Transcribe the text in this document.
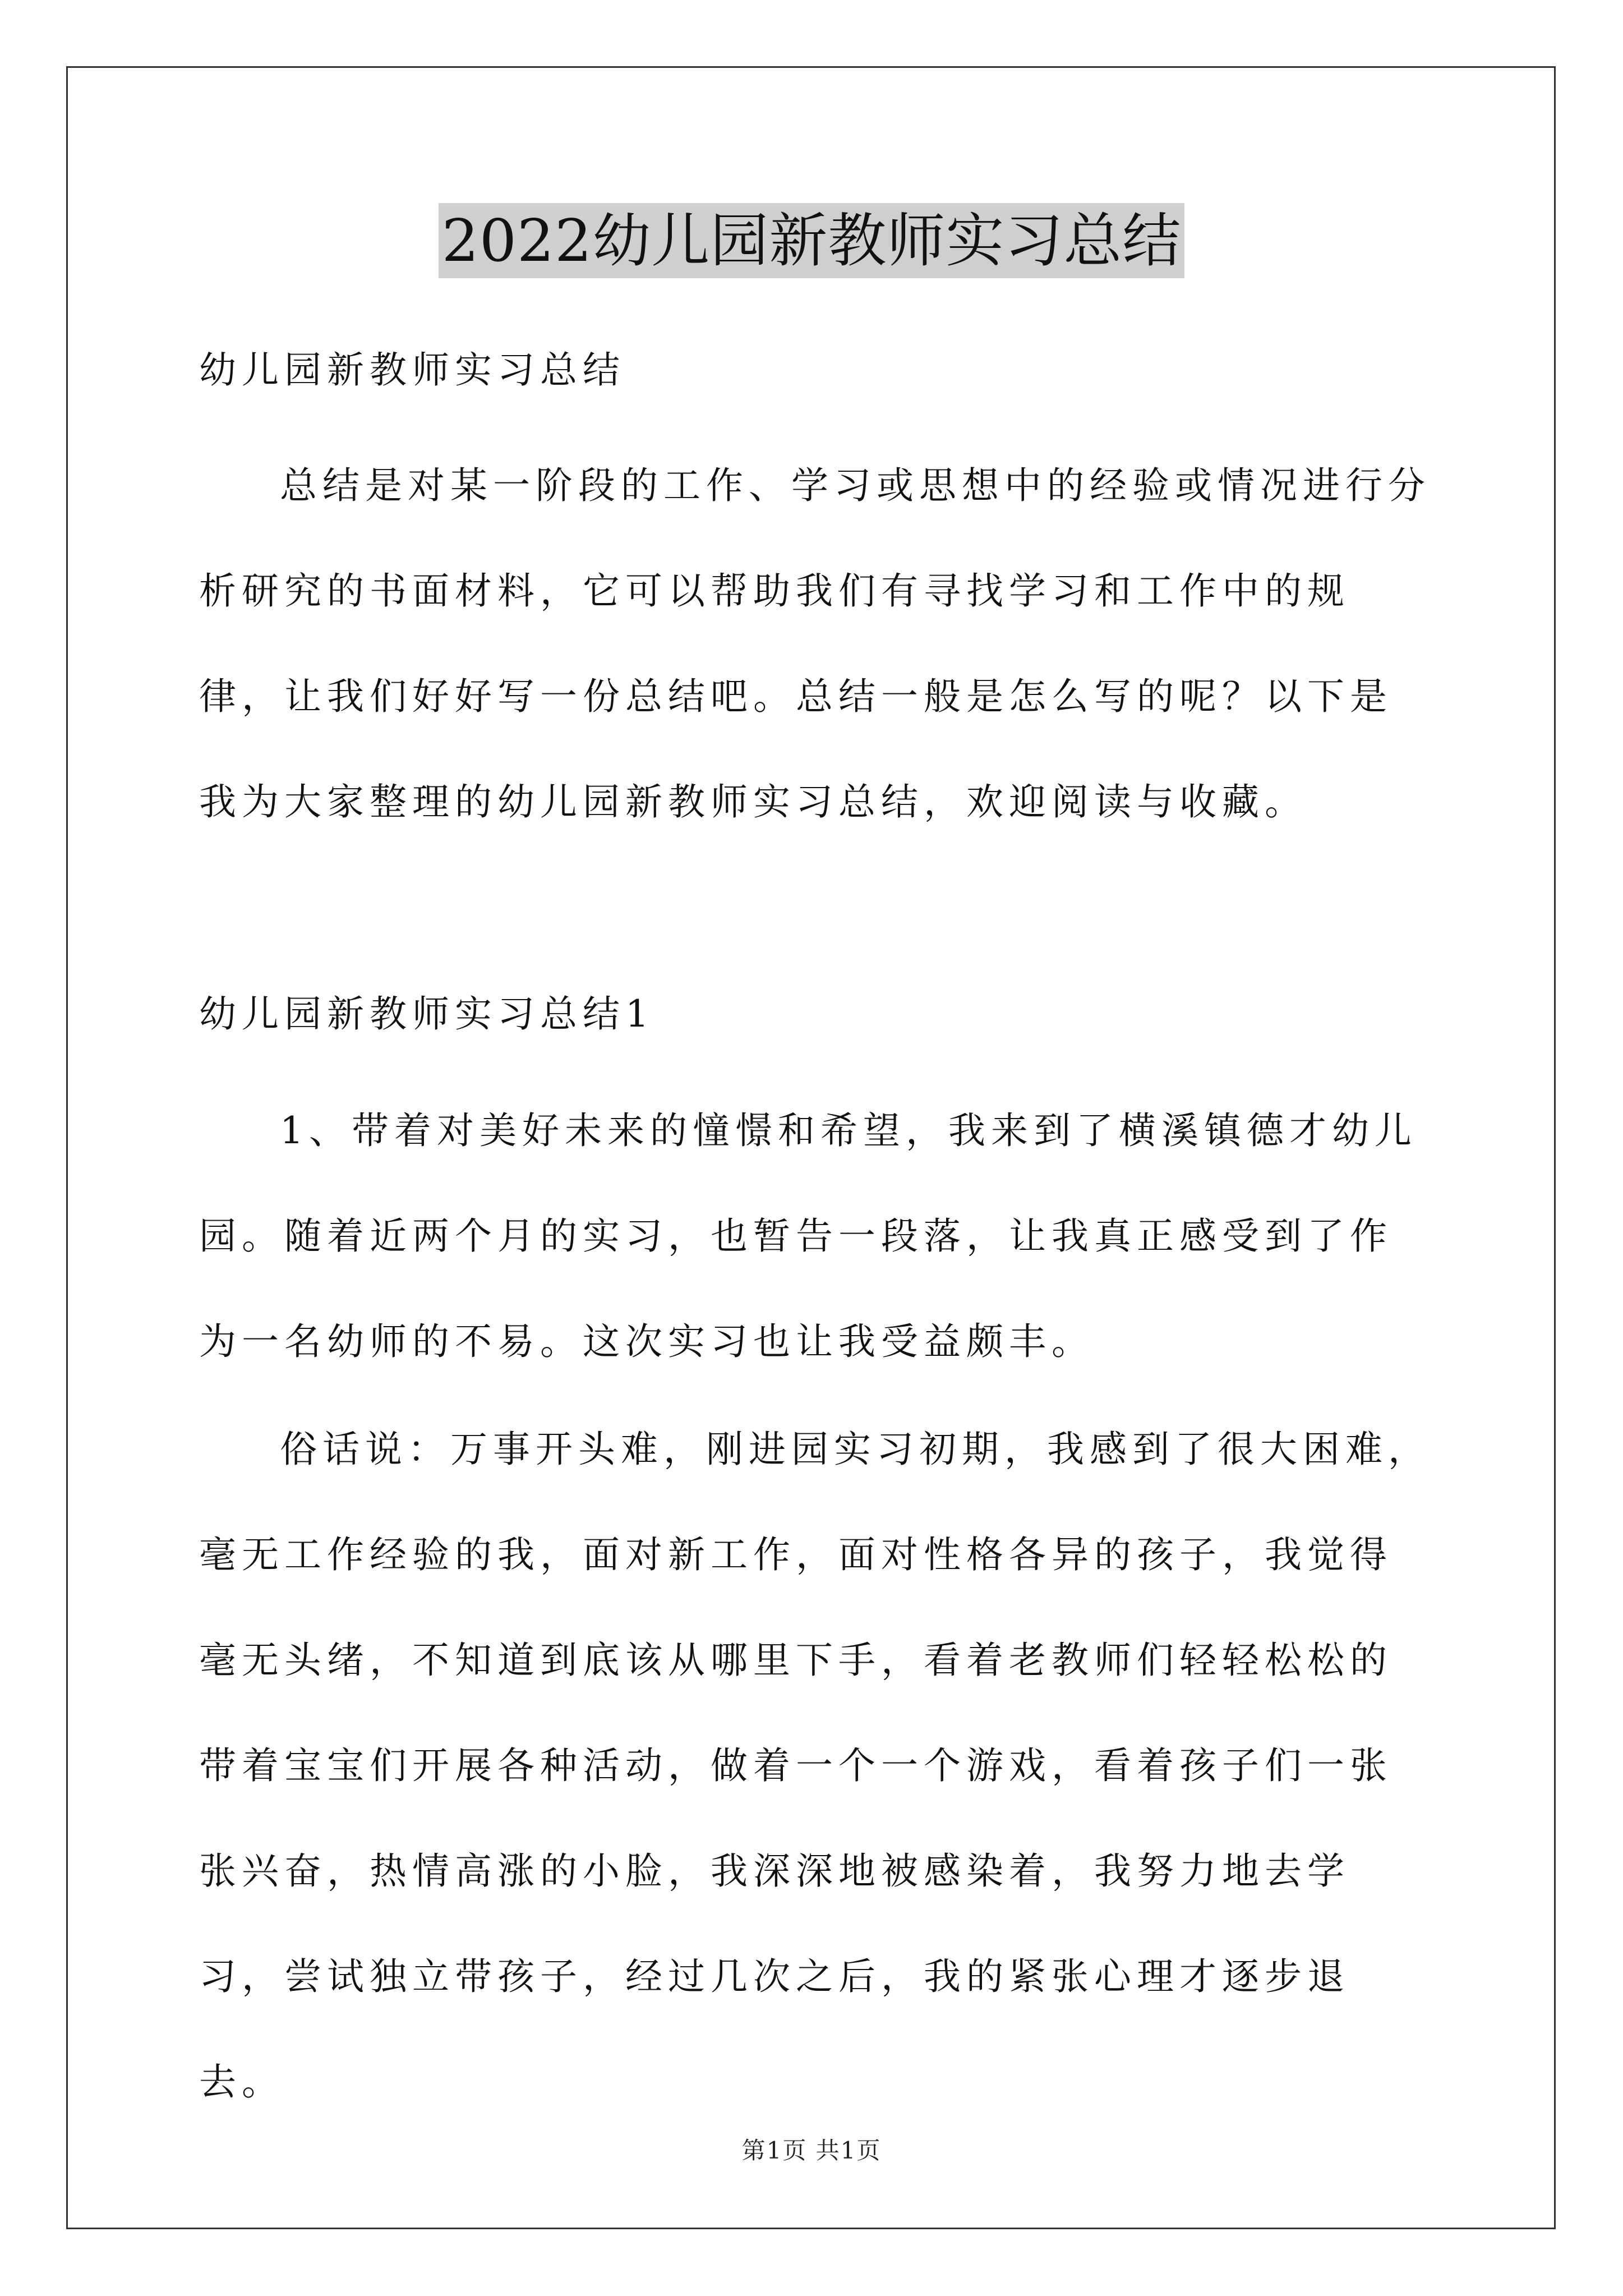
2022幼儿园新教师实习总结

幼儿园新教师实习总结

总结是对某一阶段的工作、学习或思想中的经验或情况进行分析研究的书面材料，它可以帮助我们有寻找学习和工作中的规律，让我们好好写一份总结吧。总结一般是怎么写的呢？以下是我为大家整理的幼儿园新教师实习总结，欢迎阅读与收藏。

幼儿园新教师实习总结1

1、带着对美好未来的憧憬和希望，我来到了横溪镇德才幼儿园。随着近两个月的实习，也暂告一段落，让我真正感受到了作为一名幼师的不易。这次实习也让我受益颇丰。

俗话说：万事开头难，刚进园实习初期，我感到了很大困难，毫无工作经验的我，面对新工作，面对性格各异的孩子，我觉得毫无头绪，不知道到底该从哪里下手，看着老教师们轻轻松松的带着宝宝们开展各种活动，做着一个一个游戏，看着孩子们一张张兴奋，热情高涨的小脸，我深深地被感染着，我努力地去学习，尝试独立带孩子，经过几次之后，我的紧张心理才逐步退去。

第1页 共1页
